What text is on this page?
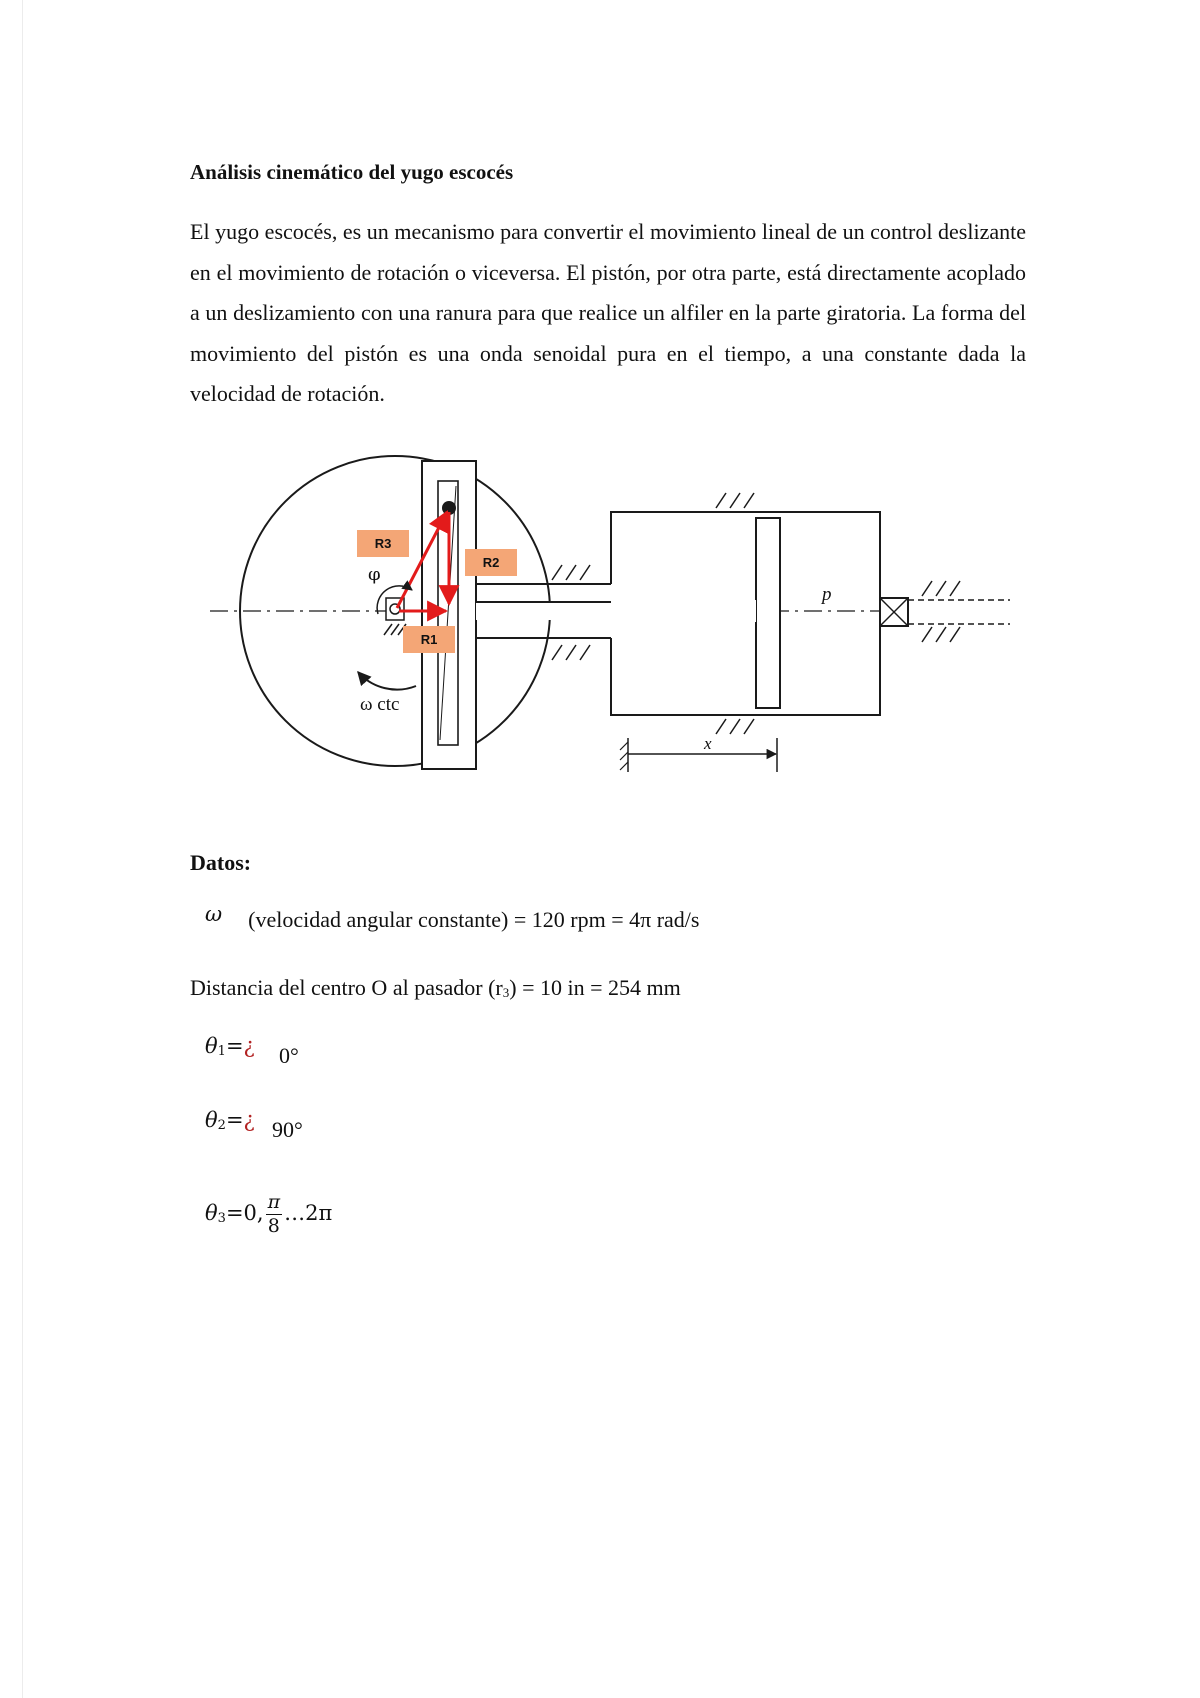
Análisis cinemático del yugo escocés

El yugo escocés, es un mecanismo para convertir el movimiento lineal de un control deslizante en el movimiento de rotación o viceversa. El pistón, por otra parte, está directamente acoplado a un deslizamiento con una ranura para que realice un alfiler en la parte giratoria. La forma del movimiento del pistón es una onda senoidal pura en el tiempo, a una constante dada la velocidad de rotación.

R3
R2
R1
φ
ω ctc
p
x
Datos:
ω (velocidad angular constante) = 120 rpm = 4π rad/s
Distancia del centro O al pasador (r3) = 10 in = 254 mm
θ1=¿ 0°
θ2=¿ 90°
θ3=0, $\frac{\pi}{8}$ …2π
